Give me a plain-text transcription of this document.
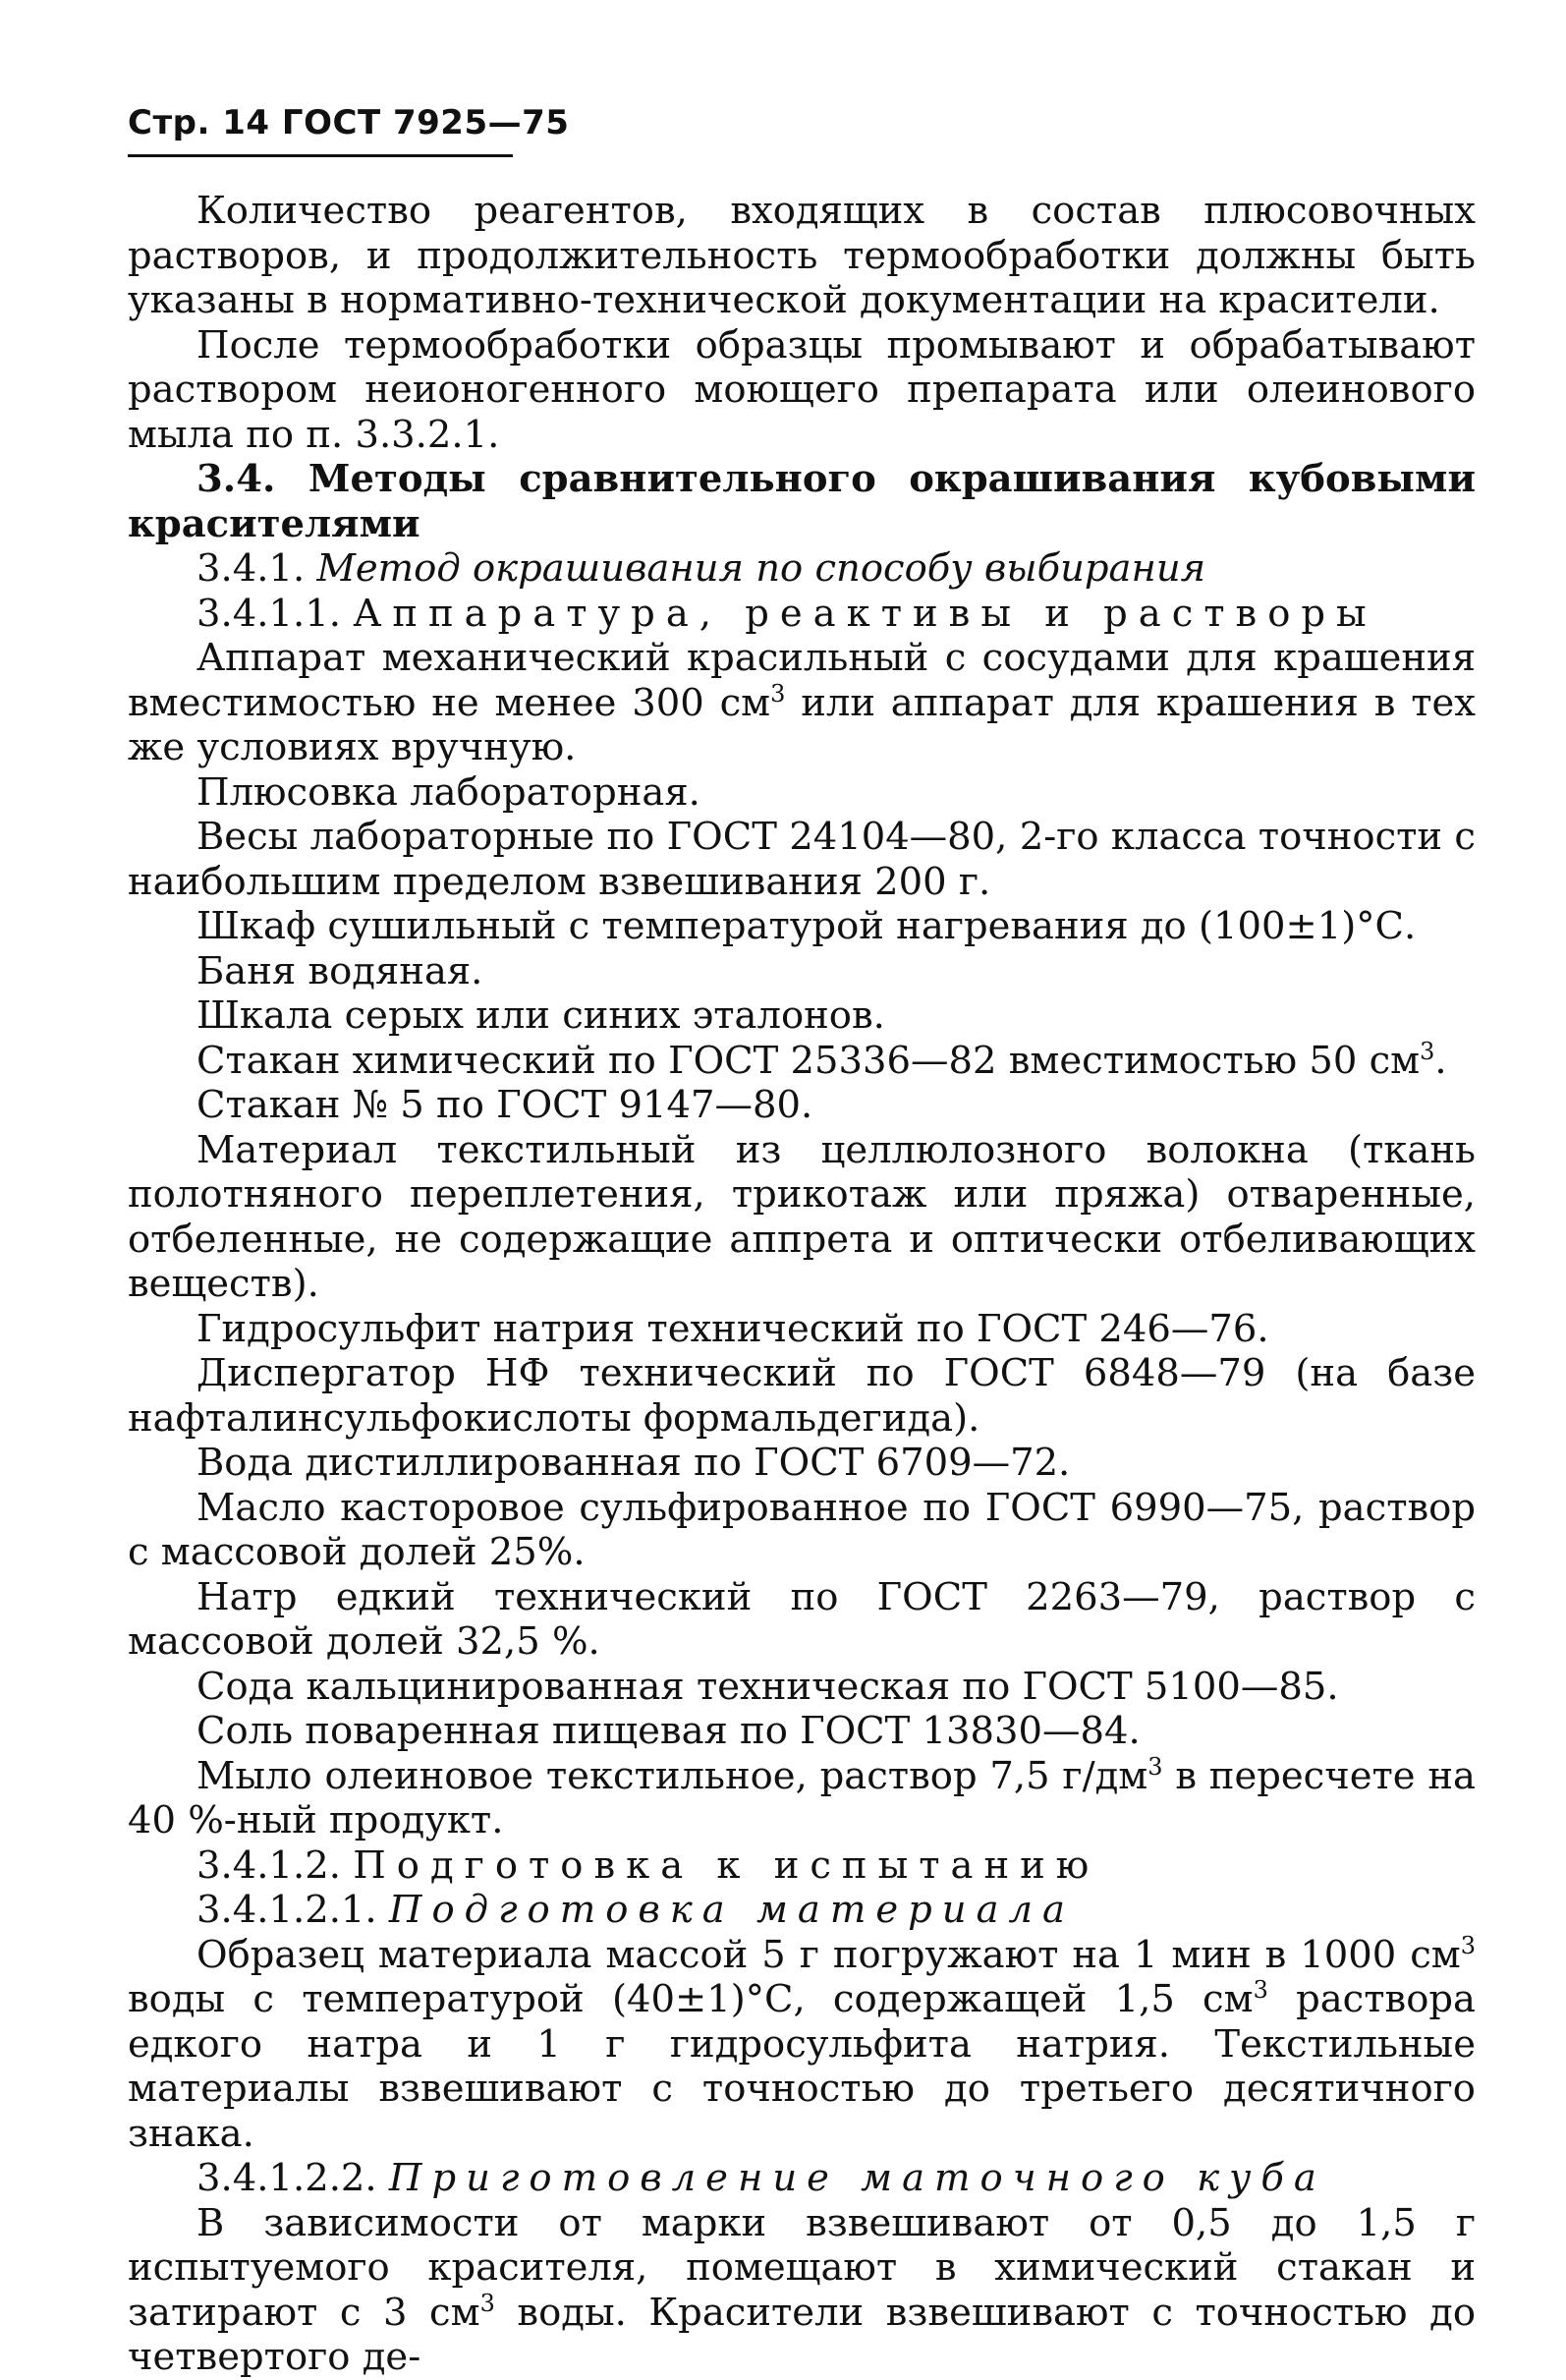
Стр. 14 ГОСТ 7925—75

Количество реагентов, входящих в состав плюсовочных растворов, и продолжительность термообработки должны быть указаны в нормативно-технической документации на красители.

После термообработки образцы промывают и обрабатывают раствором неионогенного моющего препарата или олеинового мыла по п. 3.3.2.1.

3.4. Методы сравнительного окрашивания кубовыми красителями

3.4.1. Метод окрашивания по способу выбирания

3.4.1.1. Аппаратура, реактивы и растворы

Аппарат механический красильный с сосудами для крашения вместимостью не менее 300 $см^3$ или аппарат для крашения в тех же условиях вручную.

Плюсовка лабораторная.

Весы лабораторные по ГОСТ 24104—80, 2-го класса точности с наибольшим пределом взвешивания 200 г.

Шкаф сушильный с температурой нагревания до (100±1)°С.

Баня водяная.

Шкала серых или синих эталонов.

Стакан химический по ГОСТ 25336—82 вместимостью 50 $см^3$.

Стакан № 5 по ГОСТ 9147—80.

Материал текстильный из целлюлозного волокна (ткань полотняного переплетения, трикотаж или пряжа) отваренные, отбеленные, не содержащие аппрета и оптически отбеливающих веществ).

Гидросульфит натрия технический по ГОСТ 246—76.

Диспергатор НФ технический по ГОСТ 6848—79 (на базе нафталинсульфокислоты формальдегида).

Вода дистиллированная по ГОСТ 6709—72.

Масло касторовое сульфированное по ГОСТ 6990—75, раствор с массовой долей 25%.

Натр едкий технический по ГОСТ 2263—79, раствор с массовой долей 32,5 %.

Сода кальцинированная техническая по ГОСТ 5100—85.

Соль поваренная пищевая по ГОСТ 13830—84.

Мыло олеиновое текстильное, раствор 7,5 $г/дм^3$ в пересчете на 40 %-ный продукт.

3.4.1.2. Подготовка к испытанию

3.4.1.2.1. Подготовка материала

Образец материала массой 5 г погружают на 1 мин в 1000 $см^3$ воды с температурой (40±1)°С, содержащей 1,5 $см^3$ раствора едкого натра и 1 г гидросульфита натрия. Текстильные материалы взвешивают с точностью до третьего десятичного знака.

3.4.1.2.2. Приготовление маточного куба

В зависимости от марки взвешивают от 0,5 до 1,5 г испытуемого красителя, помещают в химический стакан и затирают с 3 $см^3$ воды. Красители взвешивают с точностью до четвертого де-
